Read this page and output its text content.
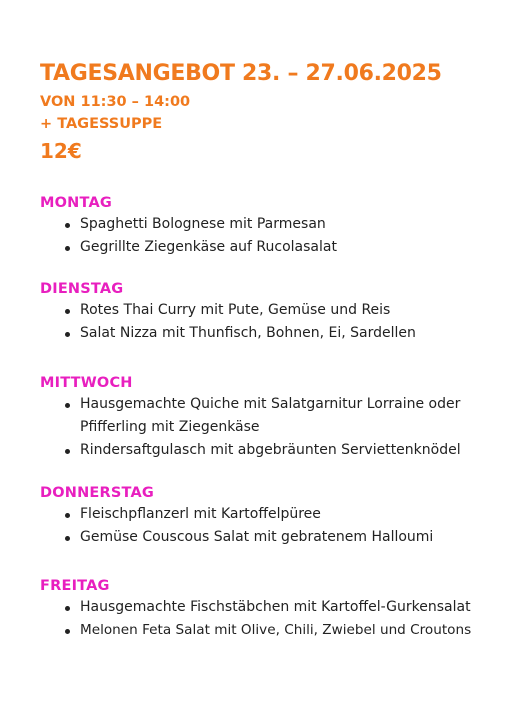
TAGESANGEBOT 23. – 27.06.2025
VON 11:30 – 14:00
+ TAGESSUPPE
12€
MONTAG
Spaghetti Bolognese mit Parmesan
Gegrillte Ziegenkäse auf Rucolasalat
DIENSTAG
Rotes Thai Curry mit Pute, Gemüse und Reis
Salat Nizza mit Thunfisch, Bohnen, Ei, Sardellen
MITTWOCH
Hausgemachte Quiche mit Salatgarnitur Lorraine oder Pfifferling mit Ziegenkäse
Rindersaftgulasch mit abgebräunten Serviettenknödel
DONNERSTAG
Fleischpflanzerl mit Kartoffelpüree
Gemüse Couscous Salat mit gebratenem Halloumi
FREITAG
Hausgemachte Fischstäbchen mit Kartoffel-Gurkensalat
Melonen Feta Salat mit Olive, Chili, Zwiebel und Croutons
